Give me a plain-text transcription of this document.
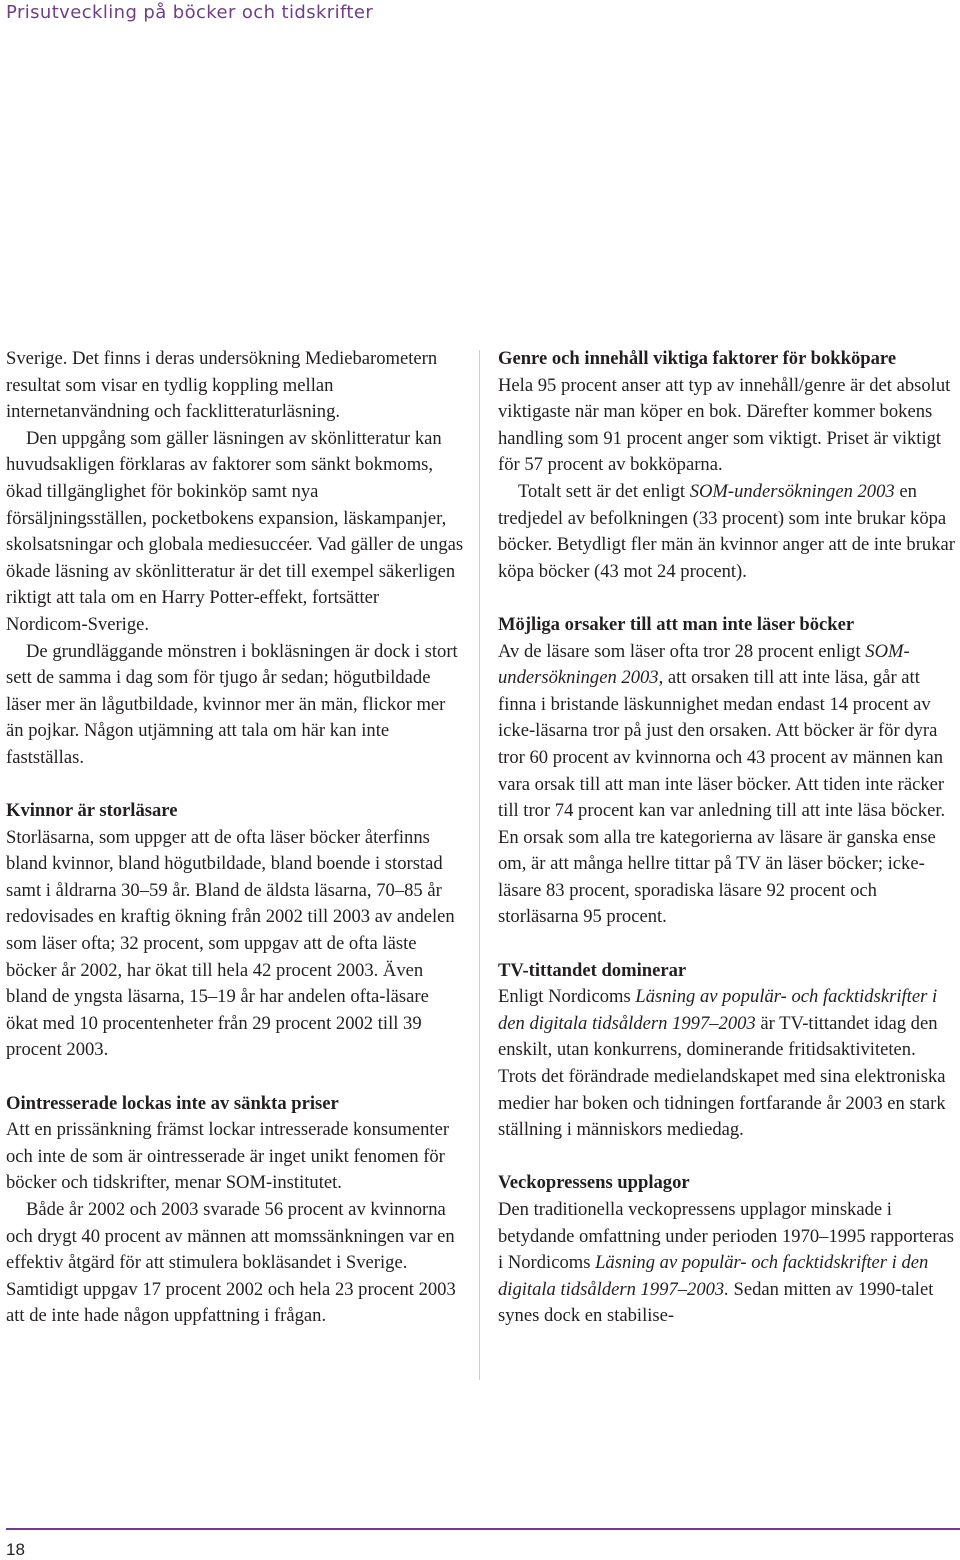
Prisutveckling på böcker och tidskrifter

Sverige. Det finns i deras undersökning Mediebarometern resultat som visar en tydlig koppling mellan internetanvändning och facklitteraturläsning.

Den uppgång som gäller läsningen av skönlitteratur kan huvudsakligen förklaras av faktorer som sänkt bokmoms, ökad tillgänglighet för bokinköp samt nya försäljningsställen, pocketbokens expansion, läskampanjer, skolsatsningar och globala mediesuccéer. Vad gäller de ungas ökade läsning av skönlitteratur är det till exempel säkerligen riktigt att tala om en Harry Potter-effekt, fortsätter Nordicom-Sverige.

De grundläggande mönstren i bokläsningen är dock i stort sett de samma i dag som för tjugo år sedan; högutbildade läser mer än lågutbildade, kvinnor mer än män, flickor mer än pojkar. Någon utjämning att tala om här kan inte fastställas.

Kvinnor är storläsare

Storläsarna, som uppger att de ofta läser böcker återfinns bland kvinnor, bland högutbildade, bland boende i storstad samt i åldrarna 30–59 år. Bland de äldsta läsarna, 70–85 år redovisades en kraftig ökning från 2002 till 2003 av andelen som läser ofta; 32 procent, som uppgav att de ofta läste böcker år 2002, har ökat till hela 42 procent 2003. Även bland de yngsta läsarna, 15–19 år har andelen ofta-läsare ökat med 10 procentenheter från 29 procent 2002 till 39 procent 2003.

Ointresserade lockas inte av sänkta priser

Att en prissänkning främst lockar intresserade konsumenter och inte de som är ointresserade är inget unikt fenomen för böcker och tidskrifter, menar SOM-institutet.

Både år 2002 och 2003 svarade 56 procent av kvinnorna och drygt 40 procent av männen att momssänkningen var en effektiv åtgärd för att stimulera bokläsandet i Sverige. Samtidigt uppgav 17 procent 2002 och hela 23 procent 2003 att de inte hade någon uppfattning i frågan.

Genre och innehåll viktiga faktorer för bokköpare

Hela 95 procent anser att typ av innehåll/genre är det absolut viktigaste när man köper en bok. Därefter kommer bokens handling som 91 procent anger som viktigt. Priset är viktigt för 57 procent av bokköparna.

Totalt sett är det enligt SOM-undersökningen 2003 en tredjedel av befolkningen (33 procent) som inte brukar köpa böcker. Betydligt fler män än kvinnor anger att de inte brukar köpa böcker (43 mot 24 procent).

Möjliga orsaker till att man inte läser böcker

Av de läsare som läser ofta tror 28 procent enligt SOM-undersökningen 2003, att orsaken till att inte läsa, går att finna i bristande läskunnighet medan endast 14 procent av icke-läsarna tror på just den orsaken. Att böcker är för dyra tror 60 procent av kvinnorna och 43 procent av männen kan vara orsak till att man inte läser böcker. Att tiden inte räcker till tror 74 procent kan var anledning till att inte läsa böcker. En orsak som alla tre kategorierna av läsare är ganska ense om, är att många hellre tittar på TV än läser böcker; icke-läsare 83 procent, sporadiska läsare 92 procent och storläsarna 95 procent.

TV-tittandet dominerar

Enligt Nordicoms Läsning av populär- och facktidskrifter i den digitala tidsåldern 1997–2003 är TV-tittandet idag den enskilt, utan konkurrens, dominerande fritidsaktiviteten. Trots det förändrade medielandskapet med sina elektroniska medier har boken och tidningen fortfarande år 2003 en stark ställning i människors mediedag.

Veckopressens upplagor

Den traditionella veckopressens upplagor minskade i betydande omfattning under perioden 1970–1995 rapporteras i Nordicoms Läsning av populär- och facktidskrifter i den digitala tidsåldern 1997–2003. Sedan mitten av 1990-talet synes dock en stabilise-

18
